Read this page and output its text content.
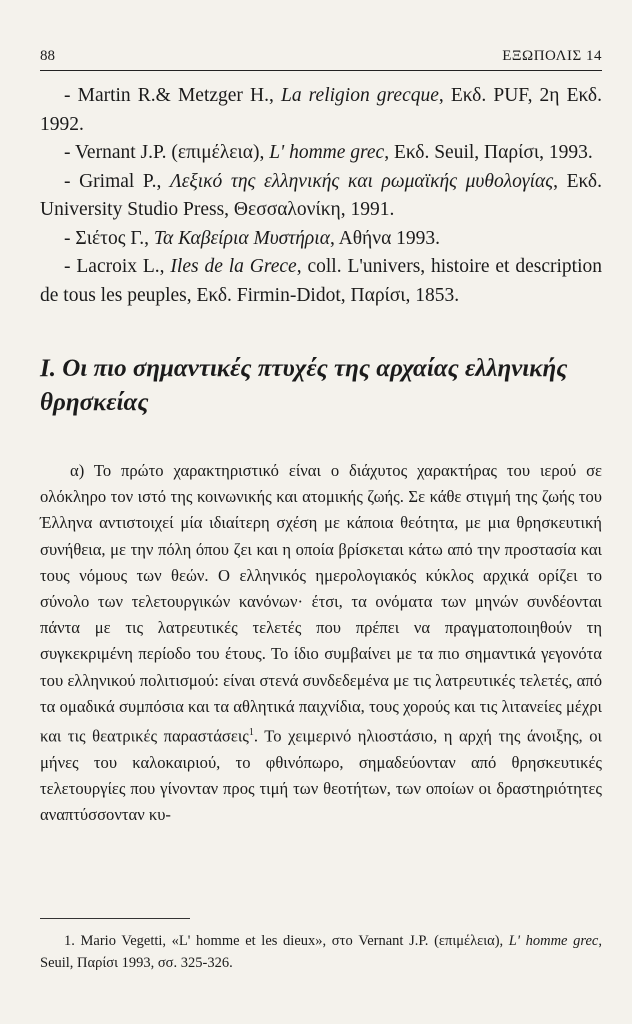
88	ΕΞΩΠΟΛΙΣ 14

- Martin R.& Metzger H., La religion grecque, Εκδ. PUF, 2η Εκδ. 1992.

- Vernant J.P. (επιμέλεια), L' homme grec, Εκδ. Seuil, Παρίσι, 1993.

- Grimal P., Λεξικό της ελληνικής και ρωμαϊκής μυθολογίας, Εκδ. University Studio Press, Θεσσαλονίκη, 1991.

- Σιέτος Γ., Τα Καβείρια Μυστήρια, Αθήνα 1993.

- Lacroix L., Iles de la Grece, coll. L'univers, histoire et description de tous les peuples, Εκδ. Firmin-Didot, Παρίσι, 1853.

Ι. Οι πιο σημαντικές πτυχές της αρχαίας ελληνικής θρησκείας

α) Το πρώτο χαρακτηριστικό είναι ο διάχυτος χαρακτήρας του ιερού σε ολόκληρο τον ιστό της κοινωνικής και ατομικής ζωής. Σε κάθε στιγμή της ζωής του Έλληνα αντιστοιχεί μία ιδιαίτερη σχέση με κάποια θεότητα, με μια θρησκευτική συνήθεια, με την πόλη όπου ζει και η οποία βρίσκεται κάτω από την προστασία και τους νόμους των θεών. Ο ελληνικός ημερολογιακός κύκλος αρχικά ορίζει το σύνολο των τελετουργικών κανόνων· έτσι, τα ονόματα των μηνών συνδέονται πάντα με τις λατρευτικές τελετές που πρέπει να πραγματοποιηθούν τη συγκεκριμένη περίοδο του έτους. Το ίδιο συμβαίνει με τα πιο σημαντικά γεγονότα του ελληνικού πολιτισμού: είναι στενά συνδεδεμένα με τις λατρευτικές τελετές, από τα ομαδικά συμπόσια και τα αθλητικά παιχνίδια, τους χορούς και τις λιτανείες μέχρι και τις θεατρικές παραστάσεις$^1$. Το χειμερινό ηλιοστάσιο, η αρχή της άνοιξης, οι μήνες του καλοκαιριού, το φθινόπωρο, σημαδεύονταν από θρησκευτικές τελετουργίες που γίνονταν προς τιμή των θεοτήτων, των οποίων οι δραστηριότητες αναπτύσσονταν κυ-

1. Mario Vegetti, «L' homme et les dieux», στο Vernant J.P. (επιμέλεια), L' homme grec, Seuil, Παρίσι 1993, σσ. 325-326.
